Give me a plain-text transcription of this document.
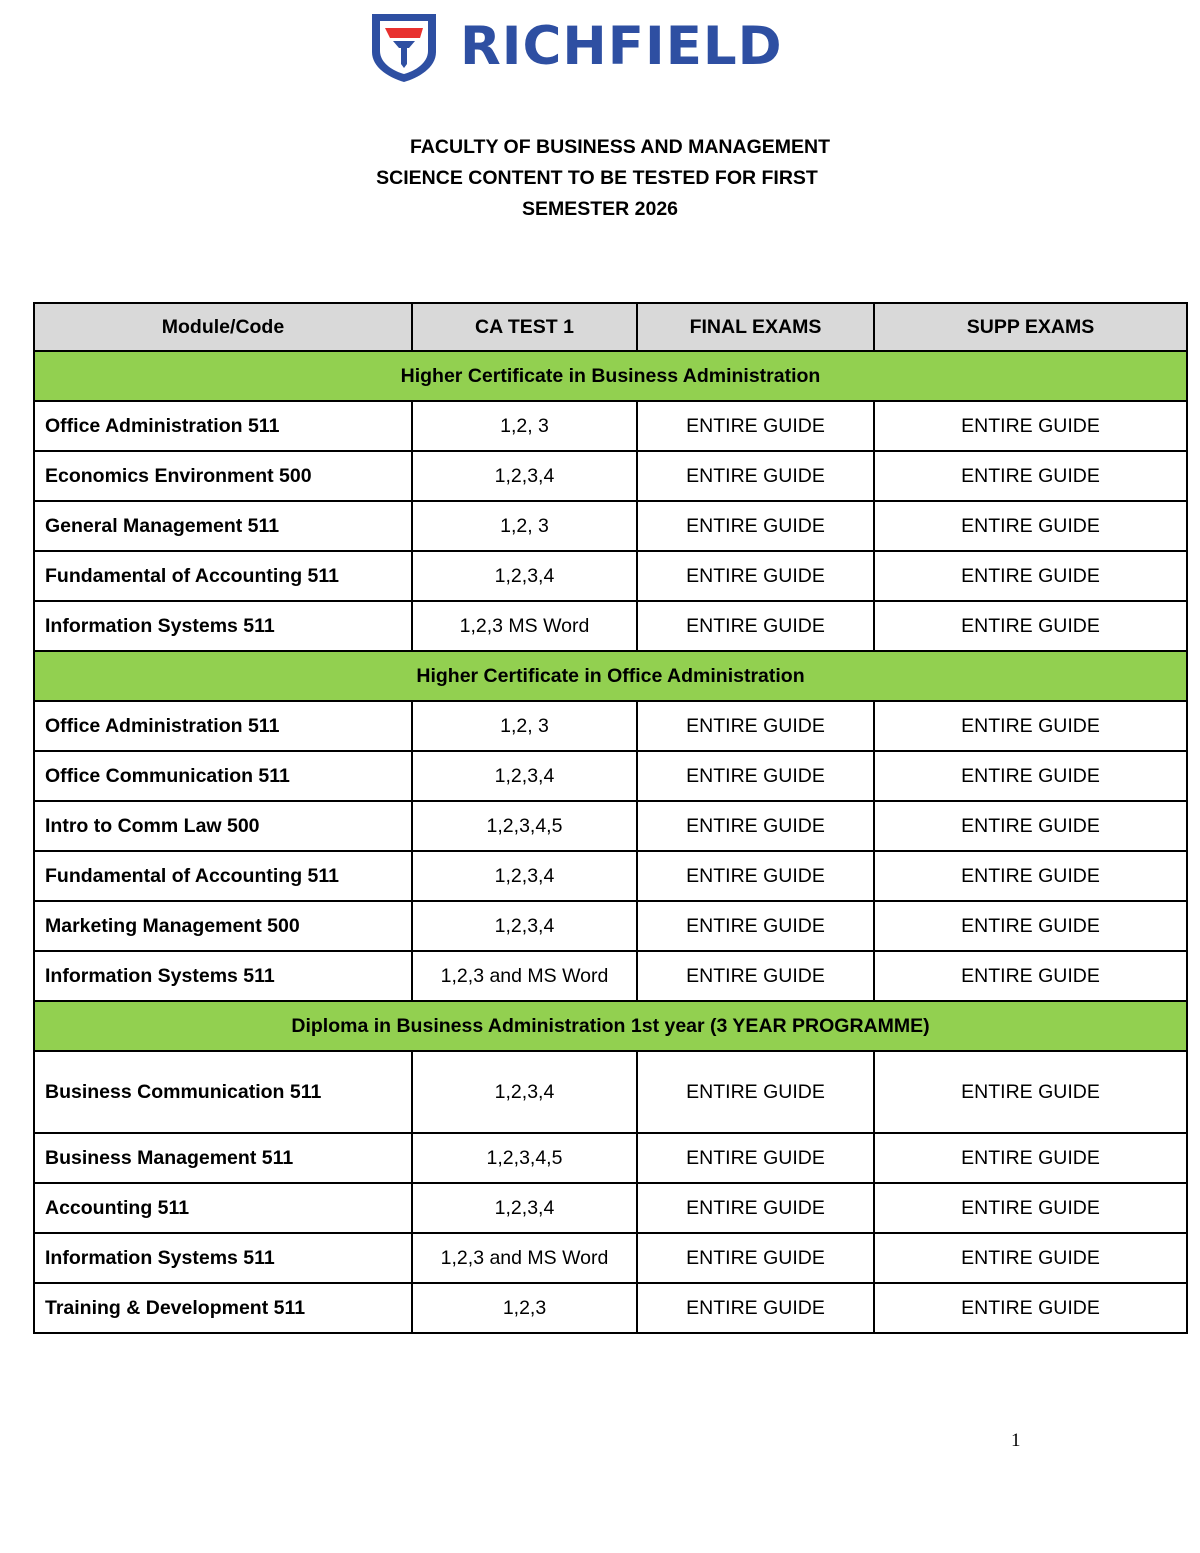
RICHFIELD
FACULTY OF BUSINESS AND MANAGEMENT
SCIENCE CONTENT TO BE TESTED FOR FIRST
SEMESTER 2026
Module/Code	CA TEST 1	FINAL EXAMS	SUPP EXAMS
Higher Certificate in Business Administration			
Office Administration 511	1,2, 3	ENTIRE GUIDE	ENTIRE GUIDE
Economics Environment 500	1,2,3,4	ENTIRE GUIDE	ENTIRE GUIDE
General Management 511	1,2, 3	ENTIRE GUIDE	ENTIRE GUIDE
Fundamental of Accounting 511	1,2,3,4	ENTIRE GUIDE	ENTIRE GUIDE
Information Systems 511	1,2,3 MS Word	ENTIRE GUIDE	ENTIRE GUIDE
Higher Certificate in Office Administration			
Office Administration 511	1,2, 3	ENTIRE GUIDE	ENTIRE GUIDE
Office Communication 511	1,2,3,4	ENTIRE GUIDE	ENTIRE GUIDE
Intro to Comm Law 500	1,2,3,4,5	ENTIRE GUIDE	ENTIRE GUIDE
Fundamental of Accounting 511	1,2,3,4	ENTIRE GUIDE	ENTIRE GUIDE
Marketing Management 500	1,2,3,4	ENTIRE GUIDE	ENTIRE GUIDE
Information Systems 511	1,2,3 and MS Word	ENTIRE GUIDE	ENTIRE GUIDE
Diploma in Business Administration 1st year (3 YEAR PROGRAMME)			
Business Communication 511	1,2,3,4	ENTIRE GUIDE	ENTIRE GUIDE
Business Management 511	1,2,3,4,5	ENTIRE GUIDE	ENTIRE GUIDE
Accounting 511	1,2,3,4	ENTIRE GUIDE	ENTIRE GUIDE
Information Systems 511	1,2,3 and MS Word	ENTIRE GUIDE	ENTIRE GUIDE
Training & Development 511	1,2,3	ENTIRE GUIDE	ENTIRE GUIDE
1
